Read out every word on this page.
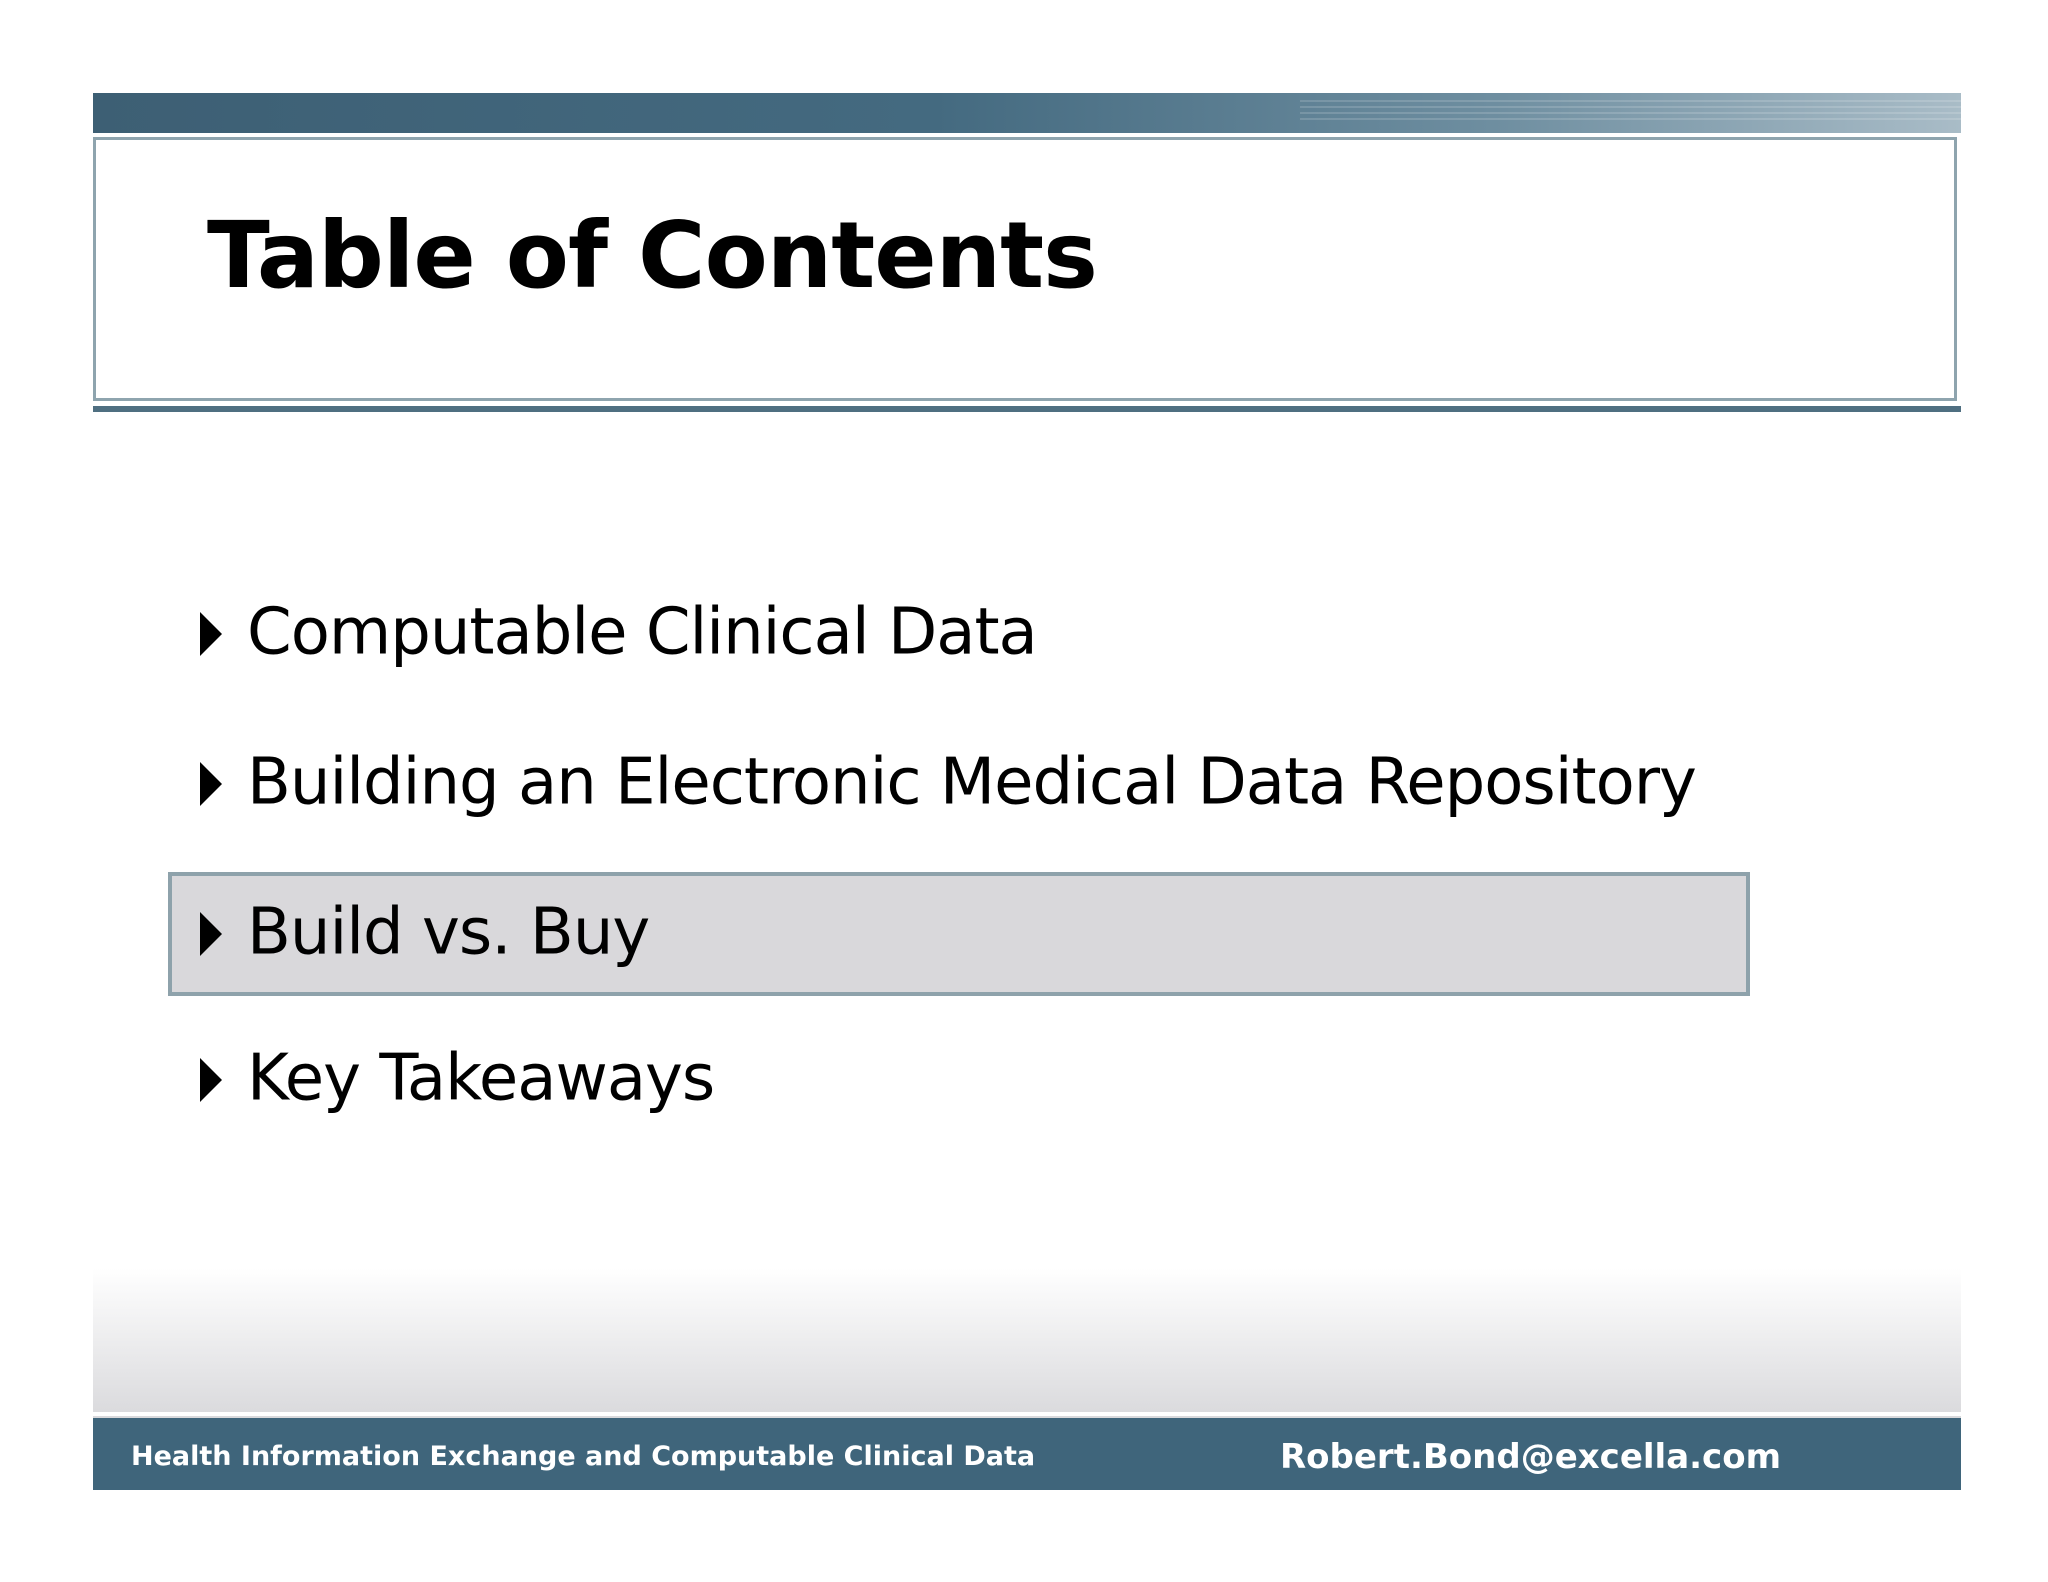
Table of Contents
Computable Clinical Data
Building an Electronic Medical Data Repository
Build vs. Buy
Key Takeaways
Health Information Exchange and Computable Clinical Data	Robert.Bond@excella.com
